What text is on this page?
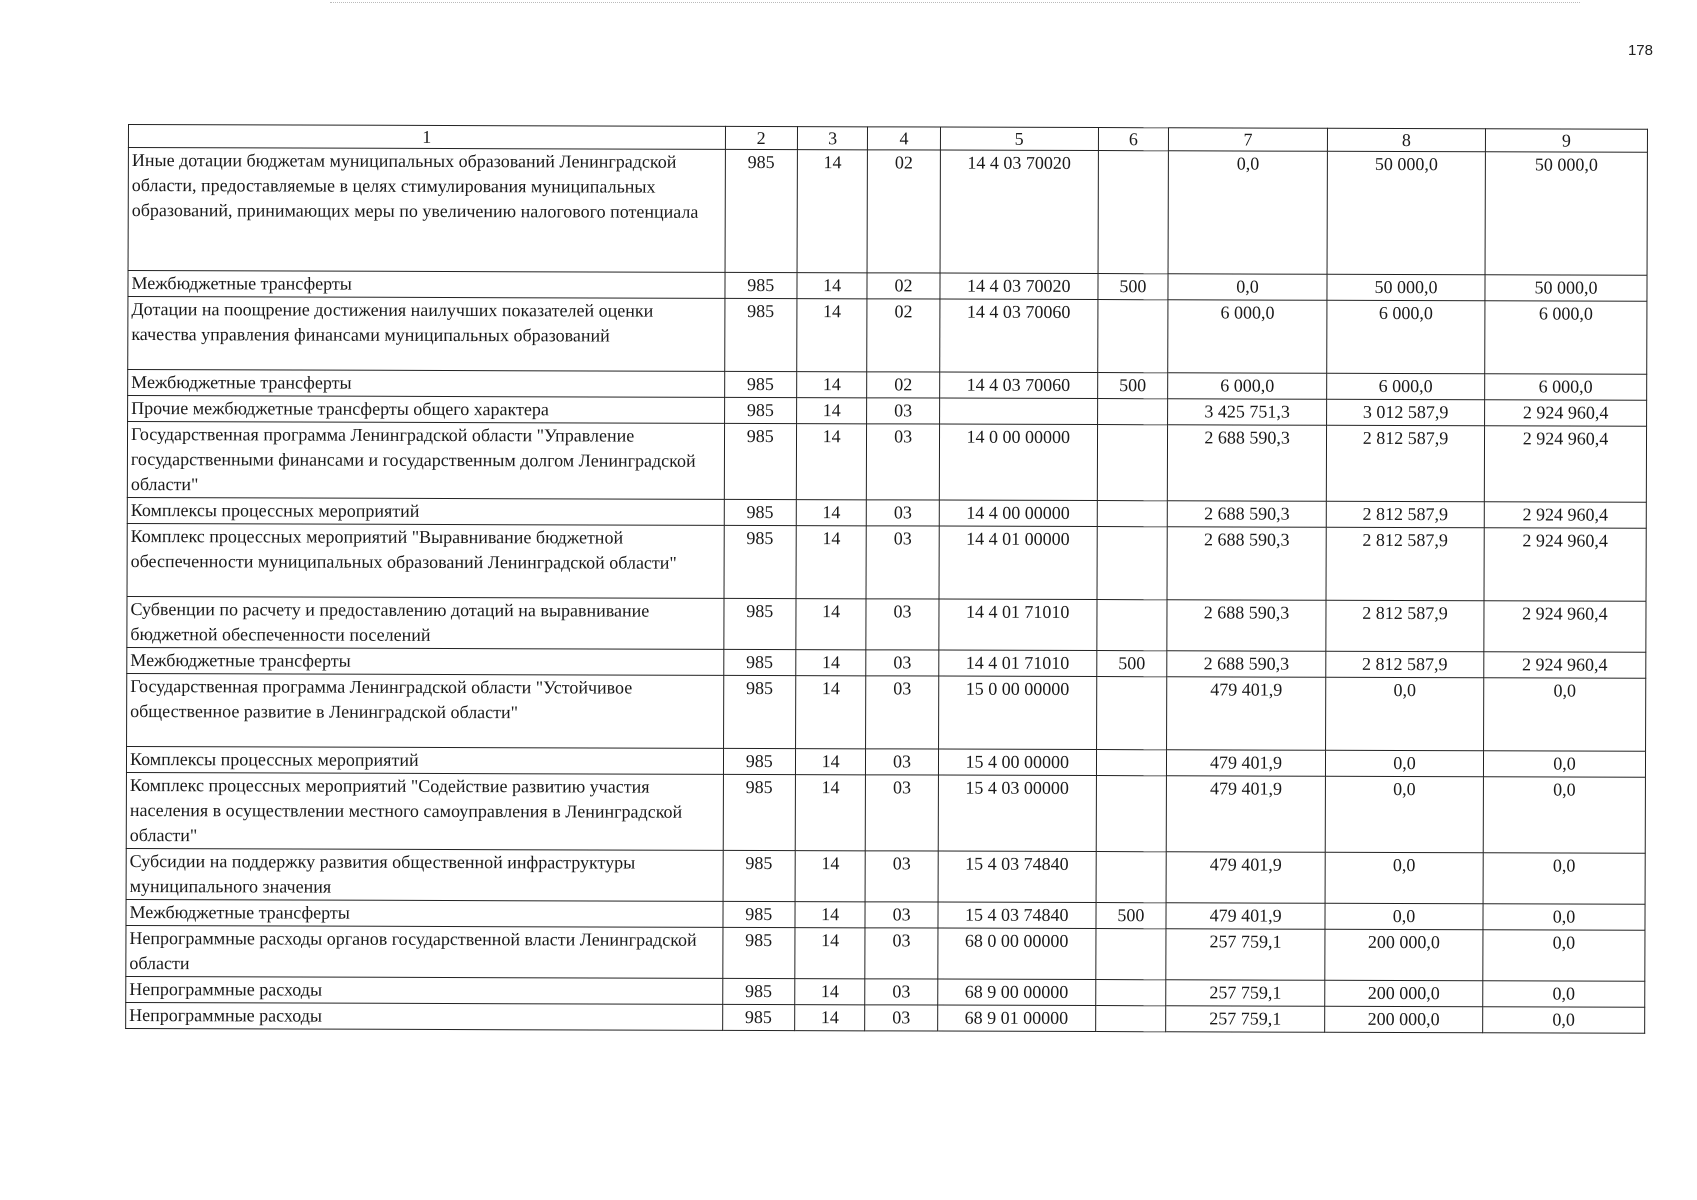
178
1	2	3	4	5	6	7	8	9
Иные дотации бюджетам муниципальных образований Ленинградской области, предоставляемые в целях стимулирования муниципальных образований, принимающих меры по увеличению налогового потенциала	985	14	02	14 4 03 70020		0,0	50 000,0	50 000,0
Межбюджетные трансферты	985	14	02	14 4 03 70020	500	0,0	50 000,0	50 000,0
Дотации на поощрение достижения наилучших показателей оценки качества управления финансами муниципальных образований	985	14	02	14 4 03 70060		6 000,0	6 000,0	6 000,0
Межбюджетные трансферты	985	14	02	14 4 03 70060	500	6 000,0	6 000,0	6 000,0
Прочие межбюджетные трансферты общего характера	985	14	03			3 425 751,3	3 012 587,9	2 924 960,4
Государственная программа Ленинградской области "Управление государственными финансами и государственным долгом Ленинградской области"	985	14	03	14 0 00 00000		2 688 590,3	2 812 587,9	2 924 960,4
Комплексы процессных мероприятий	985	14	03	14 4 00 00000		2 688 590,3	2 812 587,9	2 924 960,4
Комплекс процессных мероприятий "Выравнивание бюджетной обеспеченности муниципальных образований Ленинградской области"	985	14	03	14 4 01 00000		2 688 590,3	2 812 587,9	2 924 960,4
Субвенции по расчету и предоставлению дотаций на выравнивание бюджетной обеспеченности поселений	985	14	03	14 4 01 71010		2 688 590,3	2 812 587,9	2 924 960,4
Межбюджетные трансферты	985	14	03	14 4 01 71010	500	2 688 590,3	2 812 587,9	2 924 960,4
Государственная программа Ленинградской области "Устойчивое общественное развитие в Ленинградской области"	985	14	03	15 0 00 00000		479 401,9	0,0	0,0
Комплексы процессных мероприятий	985	14	03	15 4 00 00000		479 401,9	0,0	0,0
Комплекс процессных мероприятий "Содействие развитию участия населения в осуществлении местного самоуправления в Ленинградской области"	985	14	03	15 4 03 00000		479 401,9	0,0	0,0
Субсидии на поддержку развития общественной инфраструктуры муниципального значения	985	14	03	15 4 03 74840		479 401,9	0,0	0,0
Межбюджетные трансферты	985	14	03	15 4 03 74840	500	479 401,9	0,0	0,0
Непрограммные расходы органов государственной власти Ленинградской области	985	14	03	68 0 00 00000		257 759,1	200 000,0	0,0
Непрограммные расходы	985	14	03	68 9 00 00000		257 759,1	200 000,0	0,0
Непрограммные расходы	985	14	03	68 9 01 00000		257 759,1	200 000,0	0,0
